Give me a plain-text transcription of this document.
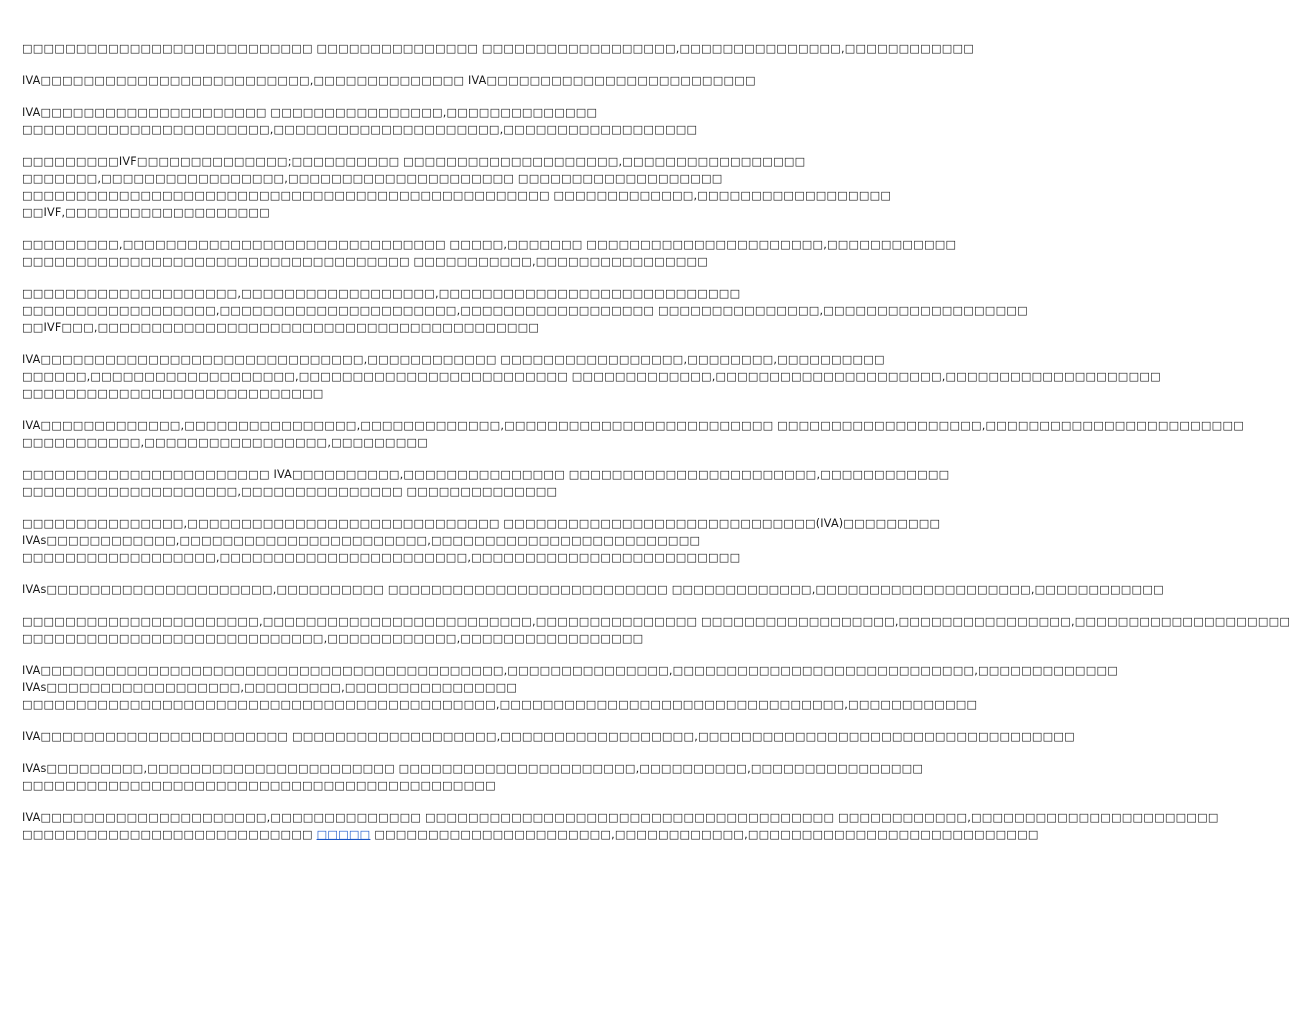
□□□□□□□□□□□□□□□□□□□□□□□□□□□ □□□□□□□□□□□□□□□ □□□□□□□□□□□□□□□□□□,□□□□□□□□□□□□□□□,□□□□□□□□□□□□

IVA□□□□□□□□□□□□□□□□□□□□□□□□□,□□□□□□□□□□□□□□ IVA□□□□□□□□□□□□□□□□□□□□□□□□□

IVA□□□□□□□□□□□□□□□□□□□□□ □□□□□□□□□□□□□□□□,□□□□□□□□□□□□□□
□□□□□□□□□□□□□□□□□□□□□□□,□□□□□□□□□□□□□□□□□□□□□,□□□□□□□□□□□□□□□□□□

□□□□□□□□□IVF□□□□□□□□□□□□□□;□□□□□□□□□□ □□□□□□□□□□□□□□□□□□□□,□□□□□□□□□□□□□□□□□
□□□□□□□,□□□□□□□□□□□□□□□□□,□□□□□□□□□□□□□□□□□□□□□ □□□□□□□□□□□□□□□□□□□
□□□□□□□□□□□□□□□□□□□□□□□□□□□□□□□□□□□□□□□□□□□□□□□□□ □□□□□□□□□□□□□,□□□□□□□□□□□□□□□□□□
□□IVF,□□□□□□□□□□□□□□□□□□□

□□□□□□□□□,□□□□□□□□□□□□□□□□□□□□□□□□□□□□□□ □□□□□,□□□□□□□ □□□□□□□□□□□□□□□□□□□□□□,□□□□□□□□□□□□
□□□□□□□□□□□□□□□□□□□□□□□□□□□□□□□□□□□□ □□□□□□□□□□□,□□□□□□□□□□□□□□□□

□□□□□□□□□□□□□□□□□□□□,□□□□□□□□□□□□□□□□□□,□□□□□□□□□□□□□□□□□□□□□□□□□□□□
□□□□□□□□□□□□□□□□□□,□□□□□□□□□□□□□□□□□□□□□□,□□□□□□□□□□□□□□□□□□ □□□□□□□□□□□□□□□,□□□□□□□□□□□□□□□□□□□
□□IVF□□□,□□□□□□□□□□□□□□□□□□□□□□□□□□□□□□□□□□□□□□□□□

IVA□□□□□□□□□□□□□□□□□□□□□□□□□□□□□□,□□□□□□□□□□□□ □□□□□□□□□□□□□□□□□,□□□□□□□□,□□□□□□□□□□
□□□□□□,□□□□□□□□□□□□□□□□□□□,□□□□□□□□□□□□□□□□□□□□□□□□□ □□□□□□□□□□□□□,□□□□□□□□□□□□□□□□□□□□□,□□□□□□□□□□□□□□□□□□□□
□□□□□□□□□□□□□□□□□□□□□□□□□□□□

IVA□□□□□□□□□□□□□,□□□□□□□□□□□□□□□□,□□□□□□□□□□□□□,□□□□□□□□□□□□□□□□□□□□□□□□□ □□□□□□□□□□□□□□□□□□□,□□□□□□□□□□□□□□□□□□□□□□□□
□□□□□□□□□□□,□□□□□□□□□□□□□□□□□,□□□□□□□□□

□□□□□□□□□□□□□□□□□□□□□□□ IVA□□□□□□□□□□,□□□□□□□□□□□□□□□ □□□□□□□□□□□□□□□□□□□□□□□,□□□□□□□□□□□□
□□□□□□□□□□□□□□□□□□□□,□□□□□□□□□□□□□□□ □□□□□□□□□□□□□□

□□□□□□□□□□□□□□□,□□□□□□□□□□□□□□□□□□□□□□□□□□□□□ □□□□□□□□□□□□□□□□□□□□□□□□□□□□□(IVA)□□□□□□□□□
IVAs□□□□□□□□□□□□,□□□□□□□□□□□□□□□□□□□□□□□,□□□□□□□□□□□□□□□□□□□□□□□□□
□□□□□□□□□□□□□□□□□□,□□□□□□□□□□□□□□□□□□□□□□□,□□□□□□□□□□□□□□□□□□□□□□□□□

IVAs□□□□□□□□□□□□□□□□□□□□□,□□□□□□□□□□ □□□□□□□□□□□□□□□□□□□□□□□□□□ □□□□□□□□□□□□□,□□□□□□□□□□□□□□□□□□□□,□□□□□□□□□□□□

□□□□□□□□□□□□□□□□□□□□□□,□□□□□□□□□□□□□□□□□□□□□□□□□,□□□□□□□□□□□□□□□ □□□□□□□□□□□□□□□□□□,□□□□□□□□□□□□□□□□,□□□□□□□□□□□□□□□□□□□□
□□□□□□□□□□□□□□□□□□□□□□□□□□□□,□□□□□□□□□□□□,□□□□□□□□□□□□□□□□□

IVA□□□□□□□□□□□□□□□□□□□□□□□□□□□□□□□□□□□□□□□□□□□,□□□□□□□□□□□□□□□,□□□□□□□□□□□□□□□□□□□□□□□□□□□□,□□□□□□□□□□□□□
IVAs□□□□□□□□□□□□□□□□□□,□□□□□□□□□,□□□□□□□□□□□□□□□□
□□□□□□□□□□□□□□□□□□□□□□□□□□□□□□□□□□□□□□□□□□□□,□□□□□□□□□□□□□□□□□□□□□□□□□□□□□□□□,□□□□□□□□□□□□

IVA□□□□□□□□□□□□□□□□□□□□□□□ □□□□□□□□□□□□□□□□□□□,□□□□□□□□□□□□□□□□□□,□□□□□□□□□□□□□□□□□□□□□□□□□□□□□□□□□□□

IVAs□□□□□□□□□,□□□□□□□□□□□□□□□□□□□□□□□ □□□□□□□□□□□□□□□□□□□□□□,□□□□□□□□□□,□□□□□□□□□□□□□□□□
□□□□□□□□□□□□□□□□□□□□□□□□□□□□□□□□□□□□□□□□□□□□

IVA□□□□□□□□□□□□□□□□□□□□□,□□□□□□□□□□□□□□ □□□□□□□□□□□□□□□□□□□□□□□□□□□□□□□□□□□□□□ □□□□□□□□□□□□,□□□□□□□□□□□□□□□□□□□□□□□
□□□□□□□□□□□□□□□□□□□□□□□□□□□ □□□□□ □□□□□□□□□□□□□□□□□□□□□□,□□□□□□□□□□□□,□□□□□□□□□□□□□□□□□□□□□□□□□□□
